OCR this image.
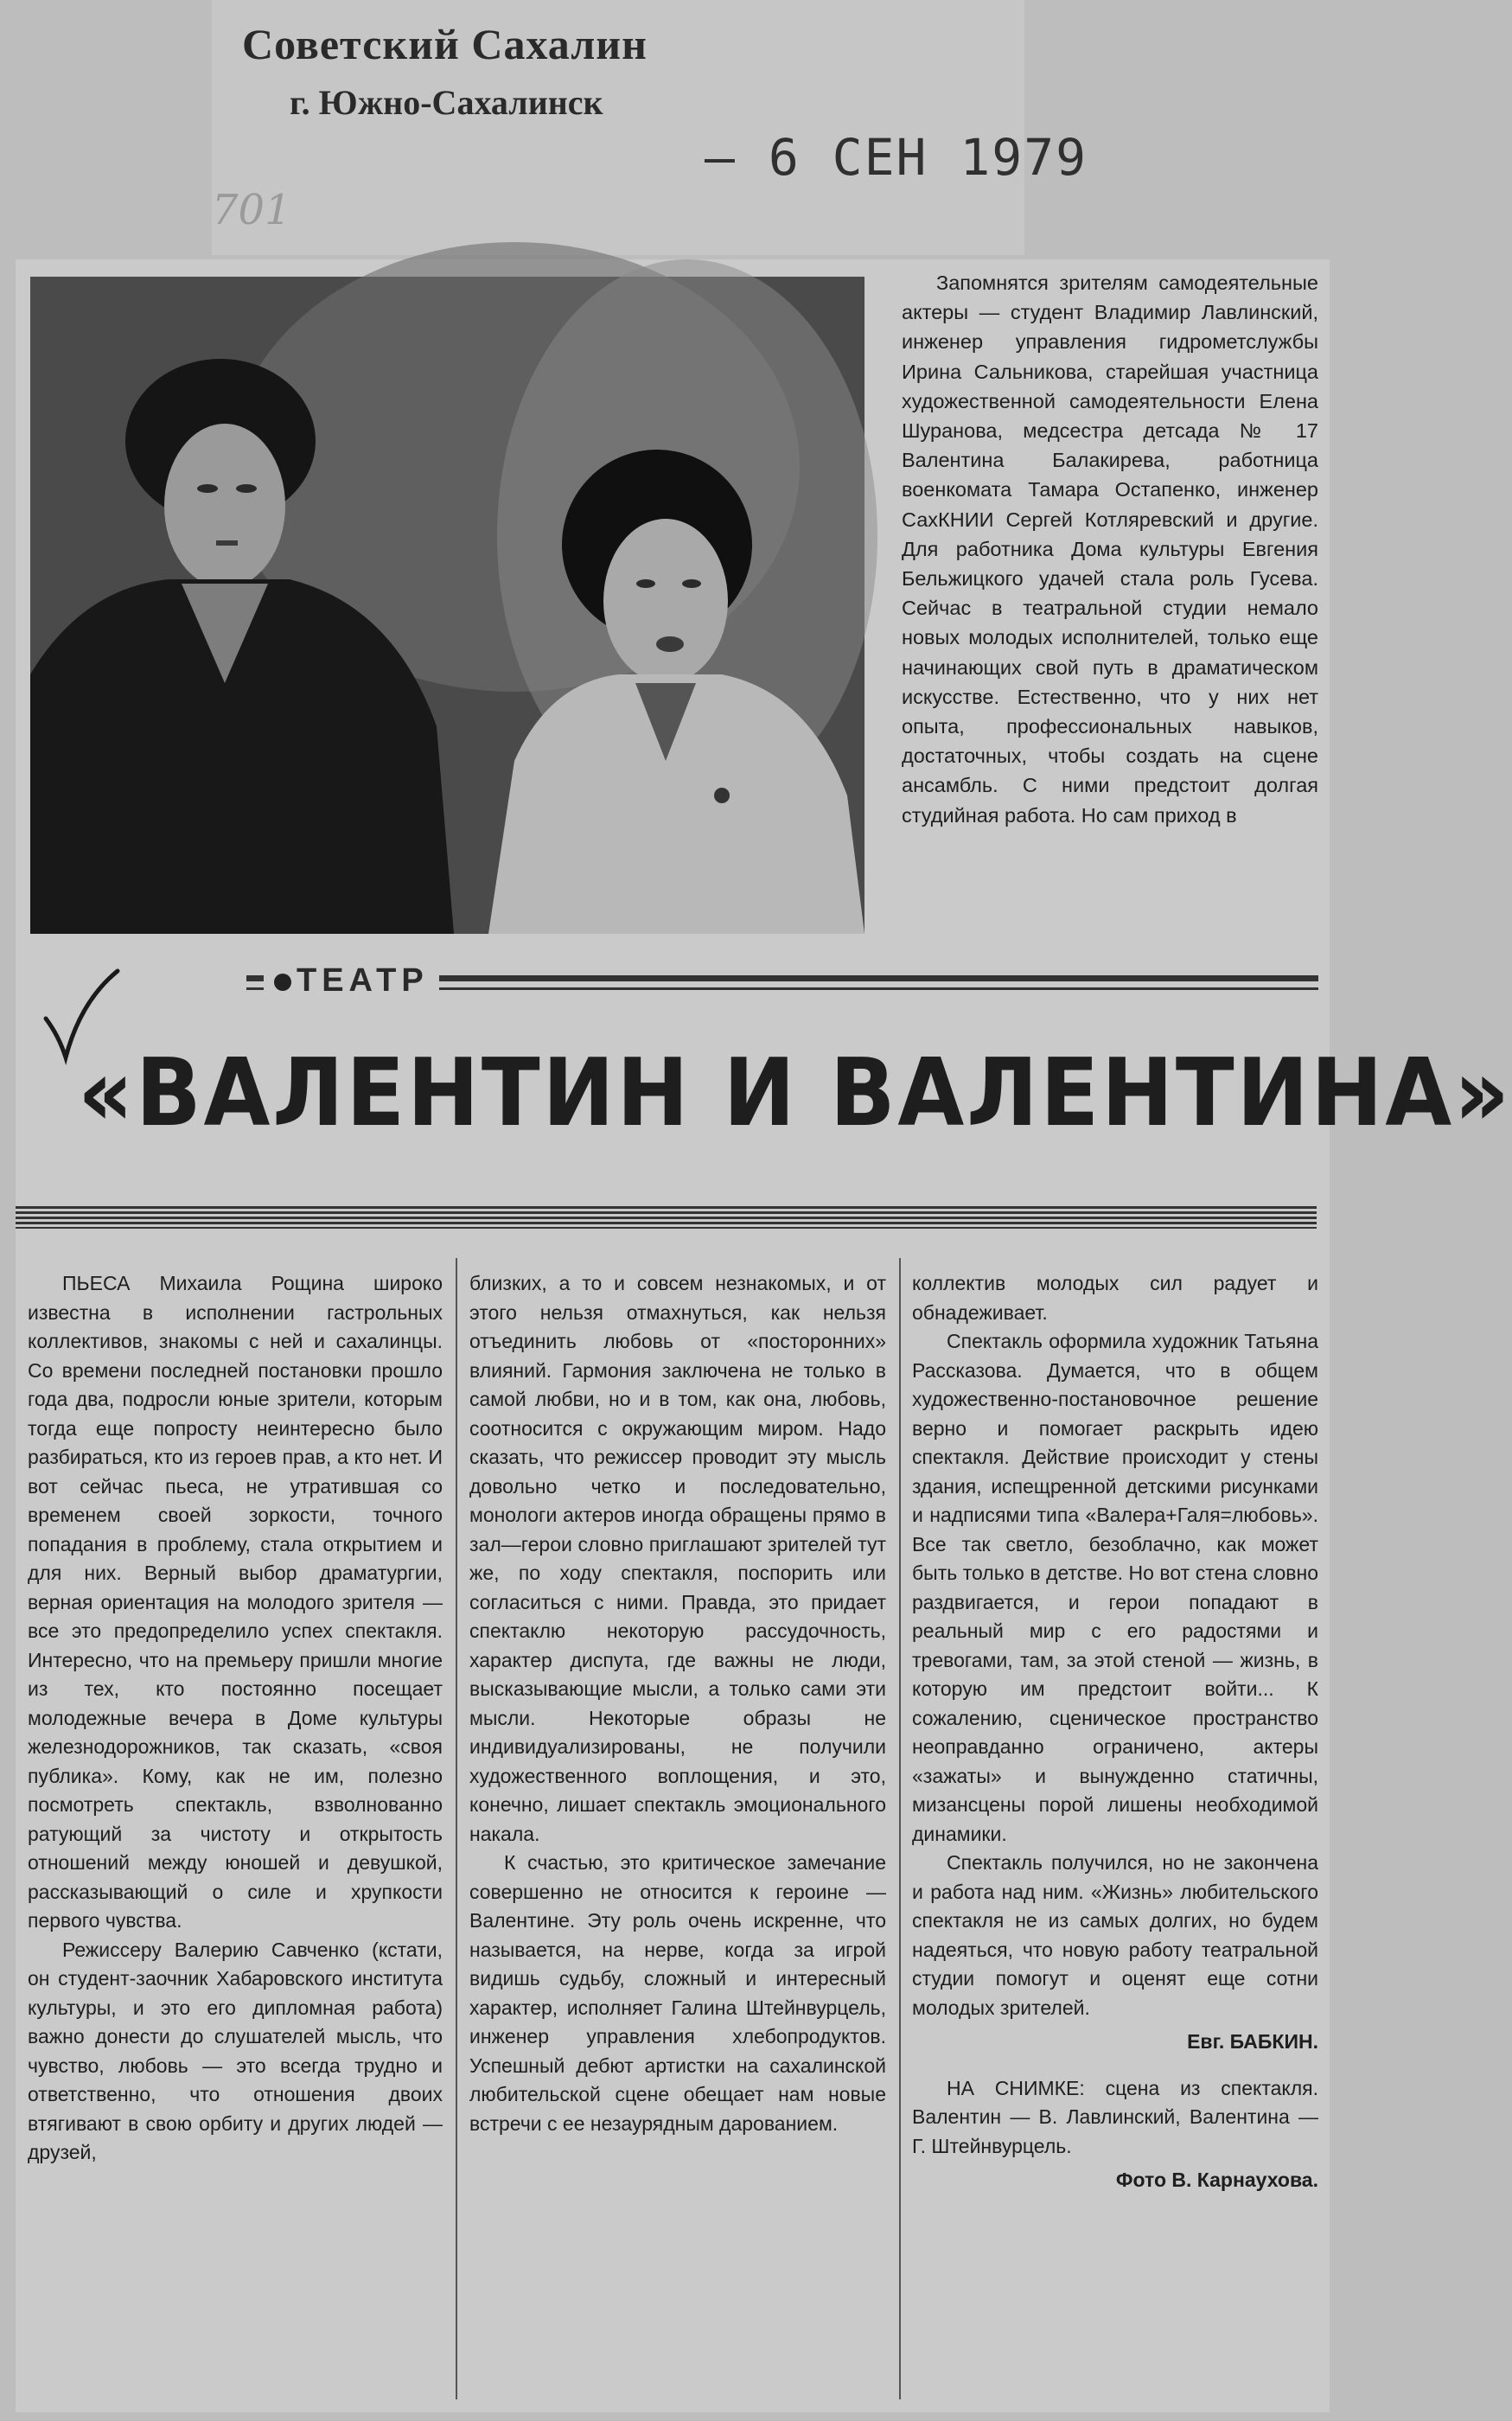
Советский Сахалин
г. Южно-Сахалинск
– 6 СЕН 1979
701

Запомнятся зрителям самодеятельные актеры — студент Владимир Лавлинский, инженер управления гидрометслужбы Ирина Сальникова, старейшая участница художественной самодеятельности Елена Шуранова, медсестра детсада № 17 Валентина Балакирева, работница военкомата Тамара Остапенко, инженер СахКНИИ Сергей Котляревский и другие. Для работника Дома культуры Евгения Бельжицкого удачей стала роль Гусева. Сейчас в театральной студии немало новых молодых исполнителей, только еще начинающих свой путь в драматическом искусстве. Естественно, что у них нет опыта, профессиональных навыков, достаточных, чтобы создать на сцене ансамбль. С ними предстоит долгая студийная работа. Но сам приход в

ТЕАТР
«ВАЛЕНТИН И ВАЛЕНТИНА»

ПЬЕСА Михаила Рощина широко известна в исполнении гастрольных коллективов, знакомы с ней и сахалинцы. Со времени последней постановки прошло года два, подросли юные зрители, которым тогда еще попросту неинтересно было разбираться, кто из героев прав, а кто нет. И вот сейчас пьеса, не утратившая со временем своей зоркости, точного попадания в проблему, стала открытием и для них. Верный выбор драматургии, верная ориентация на молодого зрителя — все это предопределило успех спектакля. Интересно, что на премьеру пришли многие из тех, кто постоянно посещает молодежные вечера в Доме культуры железнодорожников, так сказать, «своя публика». Кому, как не им, полезно посмотреть спектакль, взволнованно ратующий за чистоту и открытость отношений между юношей и девушкой, рассказывающий о силе и хрупкости первого чувства.

Режиссеру Валерию Савченко (кстати, он студент-заочник Хабаровского института культуры, и это его дипломная работа) важно донести до слушателей мысль, что чувство, любовь — это всегда трудно и ответственно, что отношения двоих втягивают в свою орбиту и других людей — друзей,

близких, а то и совсем незнакомых, и от этого нельзя отмахнуться, как нельзя отъединить любовь от «посторонних» влияний. Гармония заключена не только в самой любви, но и в том, как она, любовь, соотносится с окружающим миром. Надо сказать, что режиссер проводит эту мысль довольно четко и последовательно, монологи актеров иногда обращены прямо в зал—герои словно приглашают зрителей тут же, по ходу спектакля, поспорить или согласиться с ними. Правда, это придает спектаклю некоторую рассудочность, характер диспута, где важны не люди, высказывающие мысли, а только сами эти мысли. Некоторые образы не индивидуализированы, не получили художественного воплощения, и это, конечно, лишает спектакль эмоционального накала.

К счастью, это критическое замечание совершенно не относится к героине — Валентине. Эту роль очень искренне, что называется, на нерве, когда за игрой видишь судьбу, сложный и интересный характер, исполняет Галина Штейнвурцель, инженер управления хлебопродуктов. Успешный дебют артистки на сахалинской любительской сцене обещает нам новые встречи с ее незаурядным дарованием.

коллектив молодых сил радует и обнадеживает.

Спектакль оформила художник Татьяна Рассказова. Думается, что в общем художественно-постановочное решение верно и помогает раскрыть идею спектакля. Действие происходит у стены здания, испещренной детскими рисунками и надписями типа «Валера+Галя=любовь». Все так светло, безоблачно, как может быть только в детстве. Но вот стена словно раздвигается, и герои попадают в реальный мир с его радостями и тревогами, там, за этой стеной — жизнь, в которую им предстоит войти... К сожалению, сценическое пространство неоправданно ограничено, актеры «зажаты» и вынужденно статичны, мизансцены порой лишены необходимой динамики.

Спектакль получился, но не закончена и работа над ним. «Жизнь» любительского спектакля не из самых долгих, но будем надеяться, что новую работу театральной студии помогут и оценят еще сотни молодых зрителей.

Евг. БАБКИН.

НА СНИМКЕ: сцена из спектакля. Валентин — В. Лавлинский, Валентина — Г. Штейнвурцель.

Фото В. Карнаухова.
